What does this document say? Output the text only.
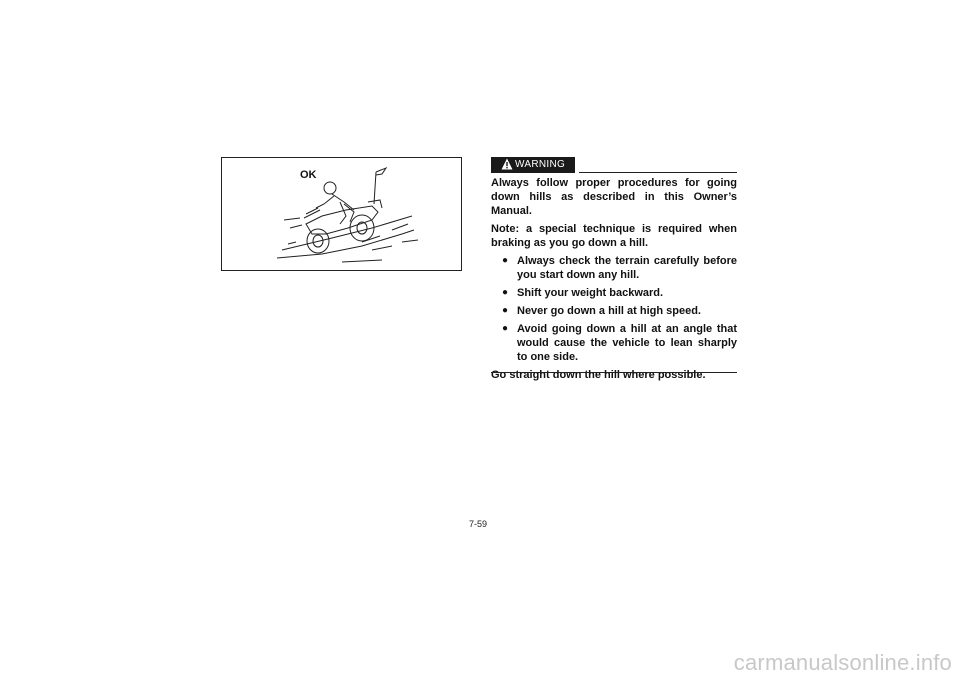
OK
WARNING

Always follow proper procedures for going down hills as described in this Owner’s Manual.

Note: a special technique is required when braking as you go down a hill.

● Always check the terrain carefully before you start down any hill.
● Shift your weight backward.
● Never go down a hill at high speed.
● Avoid going down a hill at an angle that would cause the vehicle to lean sharply to one side.

Go straight down the hill where possible.

7-59
carmanualsonline.info
